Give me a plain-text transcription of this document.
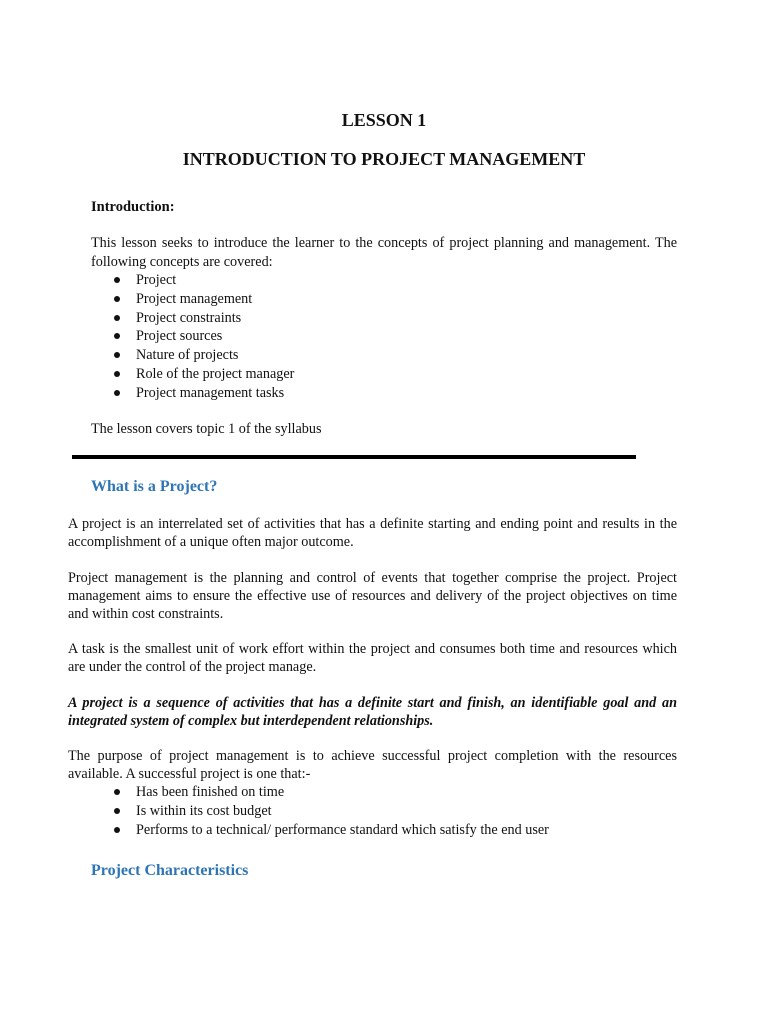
LESSON 1
INTRODUCTION TO PROJECT MANAGEMENT
Introduction:
This lesson seeks to introduce the learner to the concepts of project planning and management. The following concepts are covered:
Project
Project management
Project constraints
Project sources
Nature of projects
Role of the project manager
Project management tasks
The lesson covers topic 1 of the syllabus
What is a Project?
A project is an interrelated set of activities that has a definite starting and ending point and results in the accomplishment of a unique often major outcome.
Project management is the planning and control of events that together comprise the project. Project management aims to ensure the effective use of resources and delivery of the project objectives on time and within cost constraints.
A task is the smallest unit of work effort within the project and consumes both time and resources which are under the control of the project manage.
A project is a sequence of activities that has a definite start and finish, an identifiable goal and an integrated system of complex but interdependent relationships.
The purpose of project management is to achieve successful project completion with the resources available. A successful project is one that:-
Has been finished on time
Is within its cost budget
Performs to a technical/ performance standard which satisfy the end user
Project Characteristics
